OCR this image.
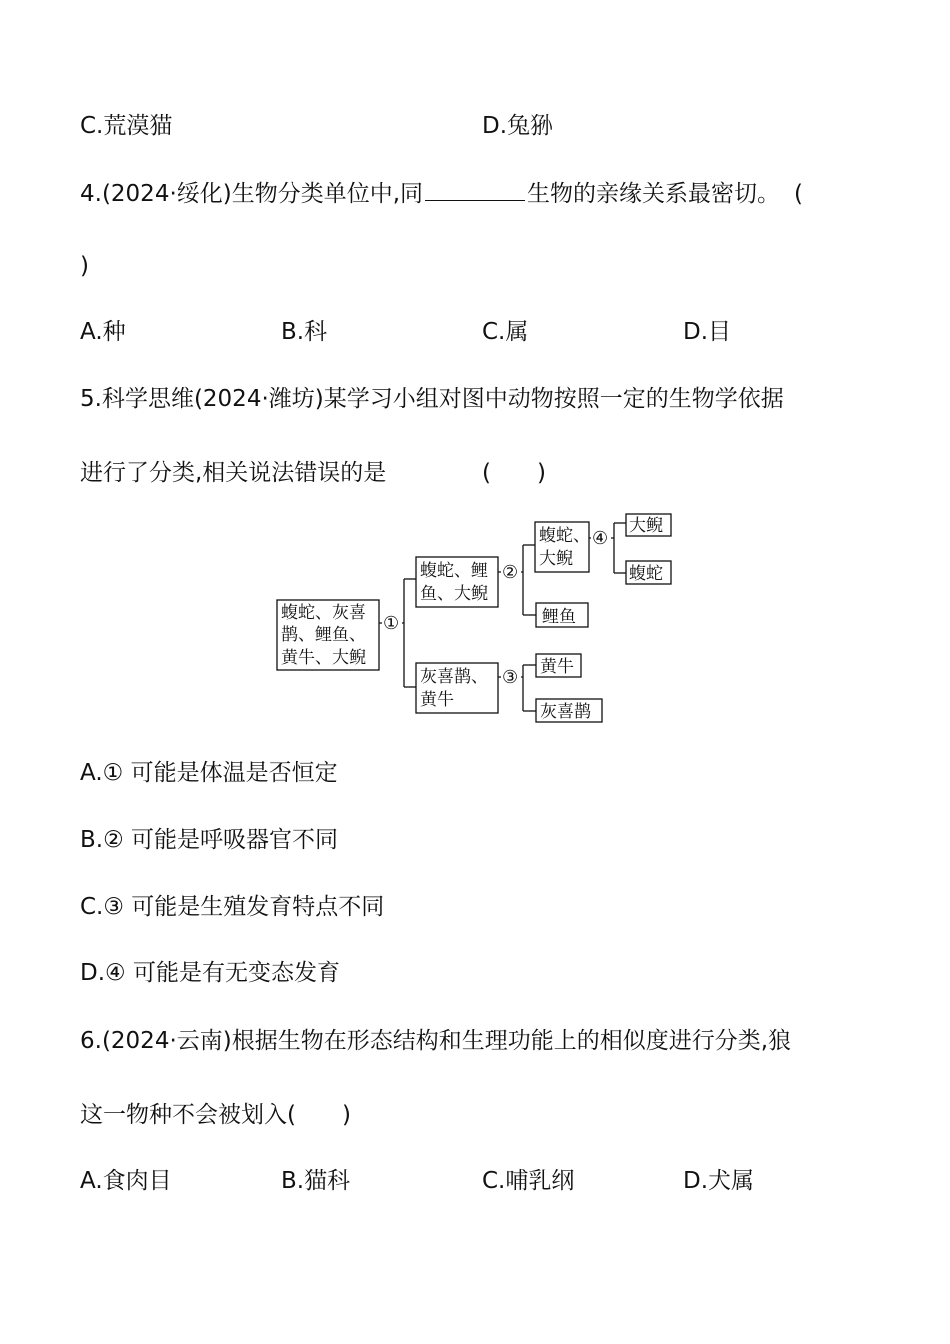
C.荒漠猫	D.兔狲
4.(2024·绥化)生物分类单位中,同	生物的亲缘关系最密切。 (
)
A.种	B.科	C.属	D.目
5.科学思维(2024·潍坊)某学习小组对图中动物按照一定的生物学依据
进行了分类,相关说法错误的是	(　　)
①
②
④
③
蝮蛇、灰喜
鹊、鲤鱼、
黄牛、大鲵
蝮蛇、鲤
鱼、大鲵
蝮蛇、
大鲵
大鲵
蝮蛇
鲤鱼
灰喜鹊、
黄牛
黄牛
灰喜鹊
A.① 可能是体温是否恒定
B.② 可能是呼吸器官不同
C.③ 可能是生殖发育特点不同
D.④ 可能是有无变态发育
6.(2024·云南)根据生物在形态结构和生理功能上的相似度进行分类,狼
这一物种不会被划入(　　)
A.食肉目	B.猫科	C.哺乳纲	D.犬属
